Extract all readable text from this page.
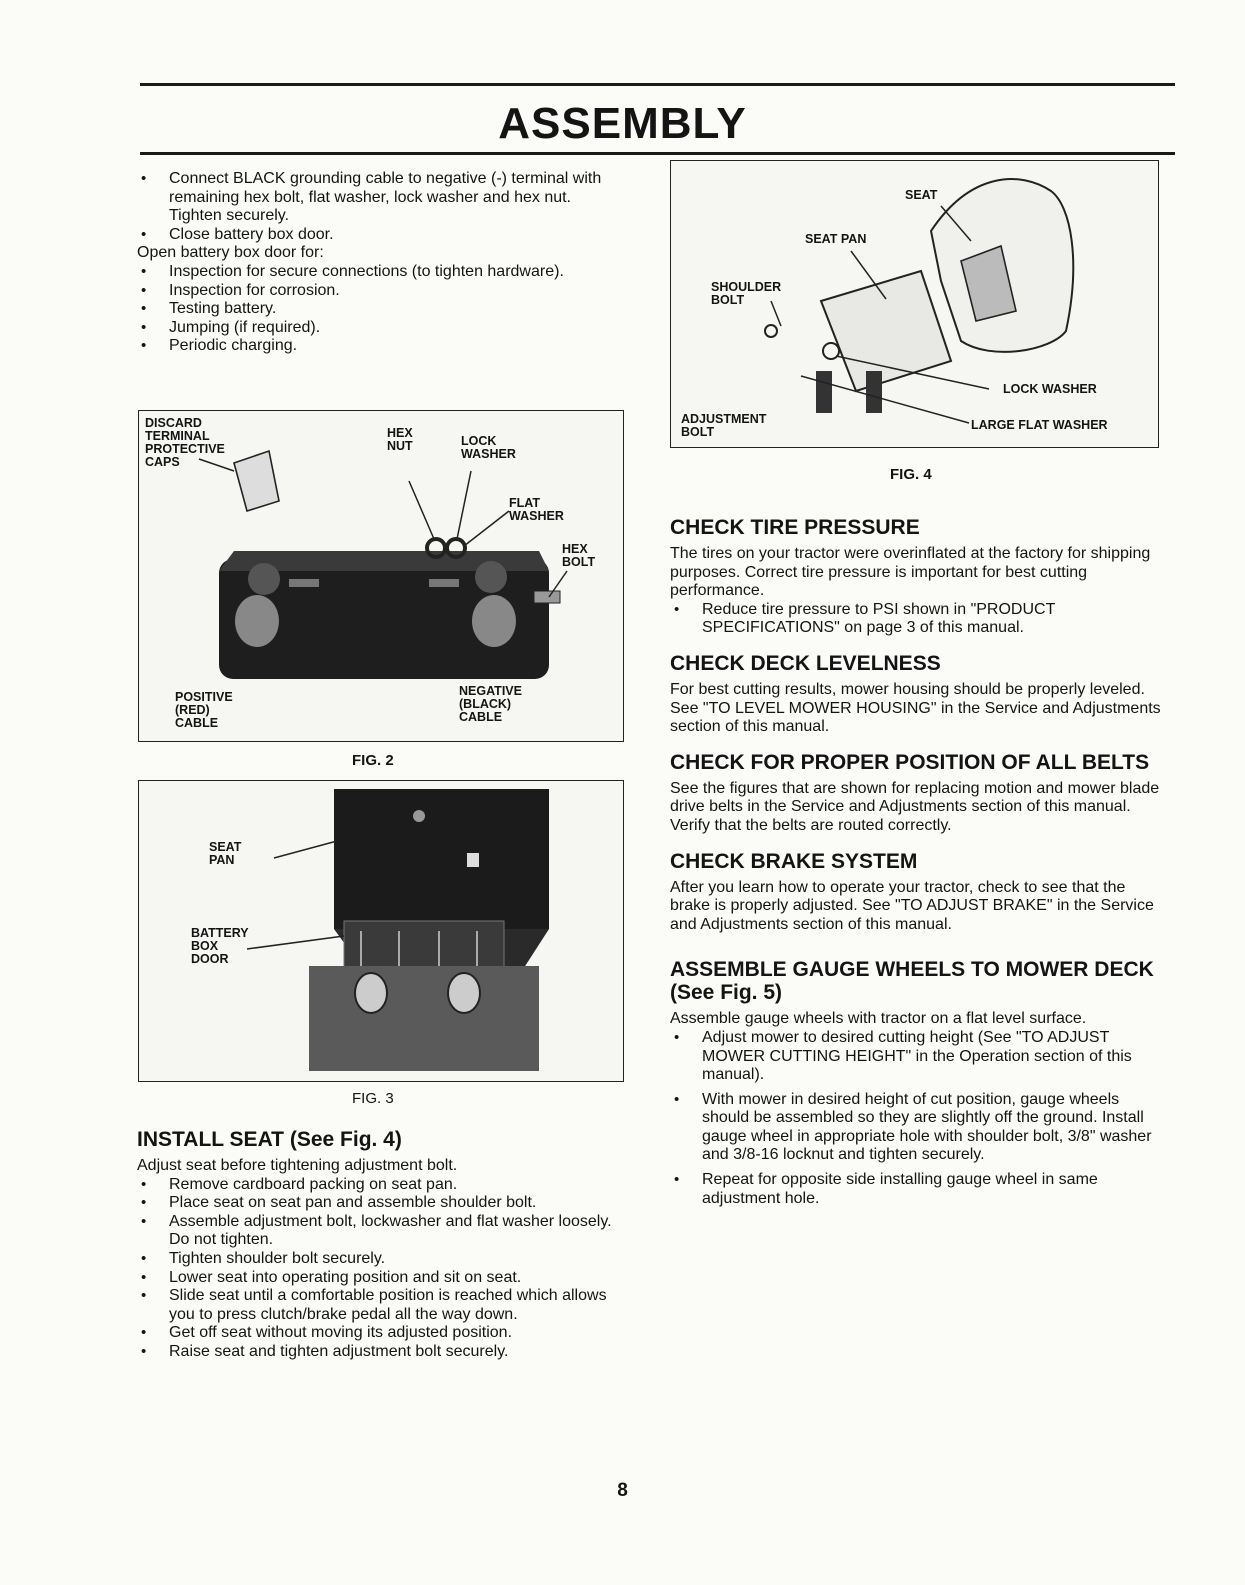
ASSEMBLY
• Connect BLACK grounding cable to negative (-) terminal with remaining hex bolt, flat washer, lock washer and hex nut. Tighten securely.
• Close battery box door.

Open battery box door for:

• Inspection for secure connections (to tighten hardware).
• Inspection for corrosion.
• Testing battery.
• Jumping (if required).
• Periodic charging.
DISCARD
TERMINAL
PROTECTIVE
CAPS
HEX
NUT	LOCK
WASHER
FLAT
WASHER
HEX
BOLT
POSITIVE
(RED)
CABLE
NEGATIVE
(BLACK)
CABLE
FIG. 2
SEAT
PAN
BATTERY
BOX
DOOR
FIG. 3
INSTALL SEAT (See Fig. 4)

Adjust seat before tightening adjustment bolt.

• Remove cardboard packing on seat pan.
• Place seat on seat pan and assemble shoulder bolt.
• Assemble adjustment bolt, lockwasher and flat washer loosely. Do not tighten.
• Tighten shoulder bolt securely.
• Lower seat into operating position and sit on seat.
• Slide seat until a comfortable position is reached which allows you to press clutch/brake pedal all the way down.
• Get off seat without moving its adjusted position.
• Raise seat and tighten adjustment bolt securely.
SEAT
SEAT PAN
SHOULDER
BOLT
LOCK WASHER
ADJUSTMENT
BOLT	LARGE FLAT WASHER
FIG. 4
CHECK TIRE PRESSURE

The tires on your tractor were overinflated at the factory for shipping purposes. Correct tire pressure is important for best cutting performance.

• Reduce tire pressure to PSI shown in "PRODUCT SPECIFICATIONS" on page 3 of this manual.
CHECK DECK LEVELNESS

For best cutting results, mower housing should be properly leveled. See "TO LEVEL MOWER HOUSING" in the Service and Adjustments section of this manual.

CHECK FOR PROPER POSITION OF ALL BELTS

See the figures that are shown for replacing motion and mower blade drive belts in the Service and Adjustments section of this manual. Verify that the belts are routed correctly.

CHECK BRAKE SYSTEM

After you learn how to operate your tractor, check to see that the brake is properly adjusted. See "TO ADJUST BRAKE" in the Service and Adjustments section of this manual.

ASSEMBLE GAUGE WHEELS TO MOWER DECK (See Fig. 5)

Assemble gauge wheels with tractor on a flat level surface.

• Adjust mower to desired cutting height (See "TO ADJUST MOWER CUTTING HEIGHT" in the Operation section of this manual).
• With mower in desired height of cut position, gauge wheels should be assembled so they are slightly off the ground. Install gauge wheel in appropriate hole with shoulder bolt, 3/8" washer and 3/8-16 locknut and tighten securely.
• Repeat for opposite side installing gauge wheel in same adjustment hole.
8
